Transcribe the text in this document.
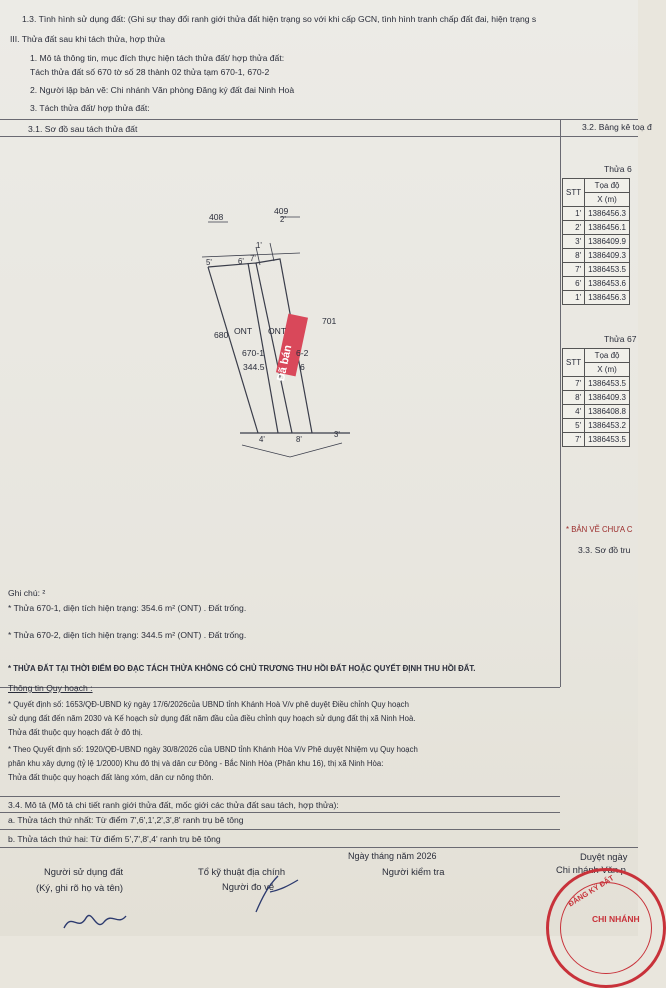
1.3. Tình hình sử dụng đất: (Ghi sự thay đổi ranh giới thửa đất hiện trạng so với khi cấp GCN, tình hình tranh chấp đất đai, hiện trạng s
III. Thửa đất sau khi tách thửa, hợp thửa
1. Mô tả thông tin, mục đích thực hiện tách thửa đất/ hợp thửa đất:
Tách thửa đất số 670 tờ số 28 thành 02 thửa tạm 670-1, 670-2
2. Người lập bản vẽ: Chi nhánh Văn phòng Đăng ký đất đai Ninh Hoà
3. Tách thửa đất/ hợp thửa đất:
3.1. Sơ đồ sau tách thửa đất	3.2. Bảng kê toạ đ
408
409
701
680
5'	6' 7'
1'
2'
4'	8'
3'
ONT ONT
670-1	6-2
344.5	6
Đã bán
Thửa 6
STT	Tọa độ
	X (m)
1'	1386456.3
2'	1386456.1
3'	1386409.9
8'	1386409.3
7'	1386453.5
6'	1386453.6
1'	1386456.3
Thửa 67
STT	Tọa độ
	X (m)
7'	1386453.5
8'	1386409.3
4'	1386408.8
5'	1386453.2
7'	1386453.5
* BẢN VẼ CHƯA C
3.3. Sơ đồ tru
Ghi chú: ²
* Thửa 670-1, diện tích hiện trạng: 354.6 m² (ONT) . Đất trống.
* Thửa 670-2, diện tích hiện trạng: 344.5 m² (ONT) . Đất trống.
* THỬA ĐẤT TẠI THỜI ĐIỂM ĐO ĐẠC TÁCH THỬA KHÔNG CÓ CHỦ TRƯƠNG THU HỒI ĐẤT HOẶC QUYẾT ĐỊNH THU HỒI ĐẤT.
Thông tin Quy hoạch :
* Quyết định số: 1653/QĐ-UBND ký ngày 17/6/2026của UBND tỉnh Khánh Hoà V/v phê duyệt Điều chỉnh Quy hoạch
sử dụng đất đến năm 2030 và Kế hoạch sử dụng đất năm đầu của điều chỉnh quy hoạch sử dụng đất thị xã Ninh Hoà.
Thửa đất thuộc quy hoạch đất ở đô thị.
* Theo Quyết định số: 1920/QĐ-UBND ngày 30/8/2026 của UBND tỉnh Khánh Hòa V/v Phê duyệt Nhiệm vụ Quy hoạch
phân khu xây dựng (tỷ lệ 1/2000) Khu đô thị và dân cư Đông - Bắc Ninh Hòa (Phân khu 16), thị xã Ninh Hòa:
Thửa đất thuộc quy hoạch đất làng xóm, dân cư nông thôn.
3.4. Mô tả (Mô tả chi tiết ranh giới thửa đất, mốc giới các thửa đất sau tách, hợp thửa):
a. Thửa tách thứ nhất: Từ điểm 7',6',1',2',3',8' ranh trụ bê tông
b. Thửa tách thứ hai: Từ điểm 5',7',8',4' ranh trụ bê tông
Ngày tháng năm 2026
Người sử dụng đất
(Ký, ghi rõ họ và tên)
Tổ kỹ thuật địa chính
Người đo vẽ
Người kiểm tra
Duyệt ngày
Chi nhánh Văn p
CHI NHÁNH
ĐĂNG KÝ ĐẤT
